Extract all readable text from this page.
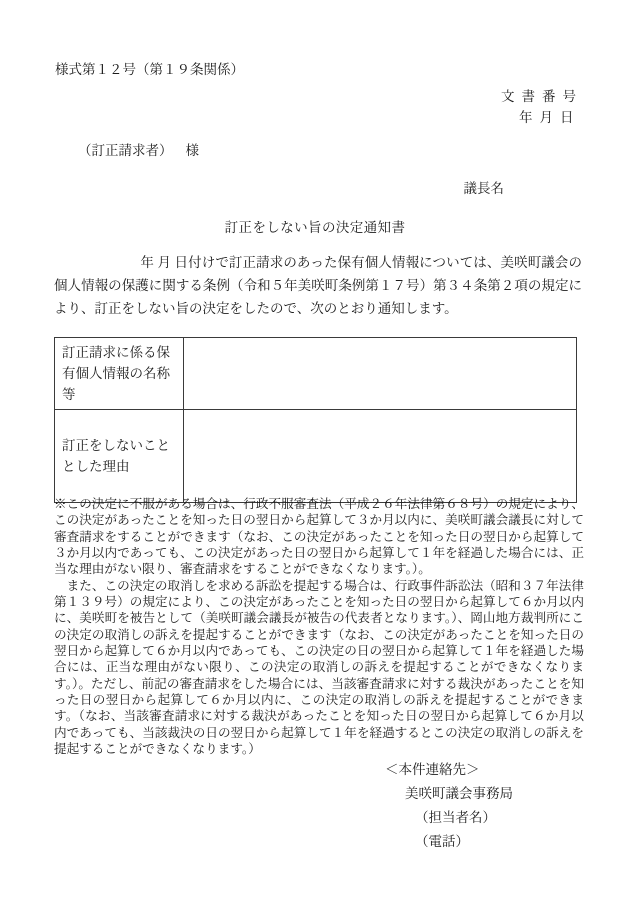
様式第１２号（第１９条関係）
文書番号
年月日
（訂正請求者） 様
議長名
訂正をしない旨の決定通知書
年 月 日付けで訂正請求のあった保有個人情報については、美咲町議会の個人情報の保護に関する条例（令和５年美咲町条例第１７号）第３４条第２項の規定により、訂正をしない旨の決定をしたので、次のとおり通知します。
訂正請求に係る保有個人情報の名称等	
訂正をしないこととした理由	

※この決定に不服がある場合は、行政不服審査法（平成２６年法律第６８号）の規定により、この決定があったことを知った日の翌日から起算して３か月以内に、美咲町議会議長に対して審査請求をすることができます（なお、この決定があったことを知った日の翌日から起算して３か月以内であっても、この決定があった日の翌日から起算して１年を経過した場合には、正当な理由がない限り、審査請求をすることができなくなります。）。

また、この決定の取消しを求める訴訟を提起する場合は、行政事件訴訟法（昭和３７年法律第１３９号）の規定により、この決定があったことを知った日の翌日から起算して６か月以内に、美咲町を被告として（美咲町議会議長が被告の代表者となります。）、岡山地方裁判所にこの決定の取消しの訴えを提起することができます（なお、この決定があったことを知った日の翌日から起算して６か月以内であっても、この決定の日の翌日から起算して１年を経過した場合には、正当な理由がない限り、この決定の取消しの訴えを提起することができなくなります。）。ただし、前記の審査請求をした場合には、当該審査請求に対する裁決があったことを知った日の翌日から起算して６か月以内に、この決定の取消しの訴えを提起することができます。（なお、当該審査請求に対する裁決があったことを知った日の翌日から起算して６か月以内であっても、当該裁決の日の翌日から起算して１年を経過するとこの決定の取消しの訴えを提起することができなくなります。）

＜本件連絡先＞
美咲町議会事務局
（担当者名）
（電話）
